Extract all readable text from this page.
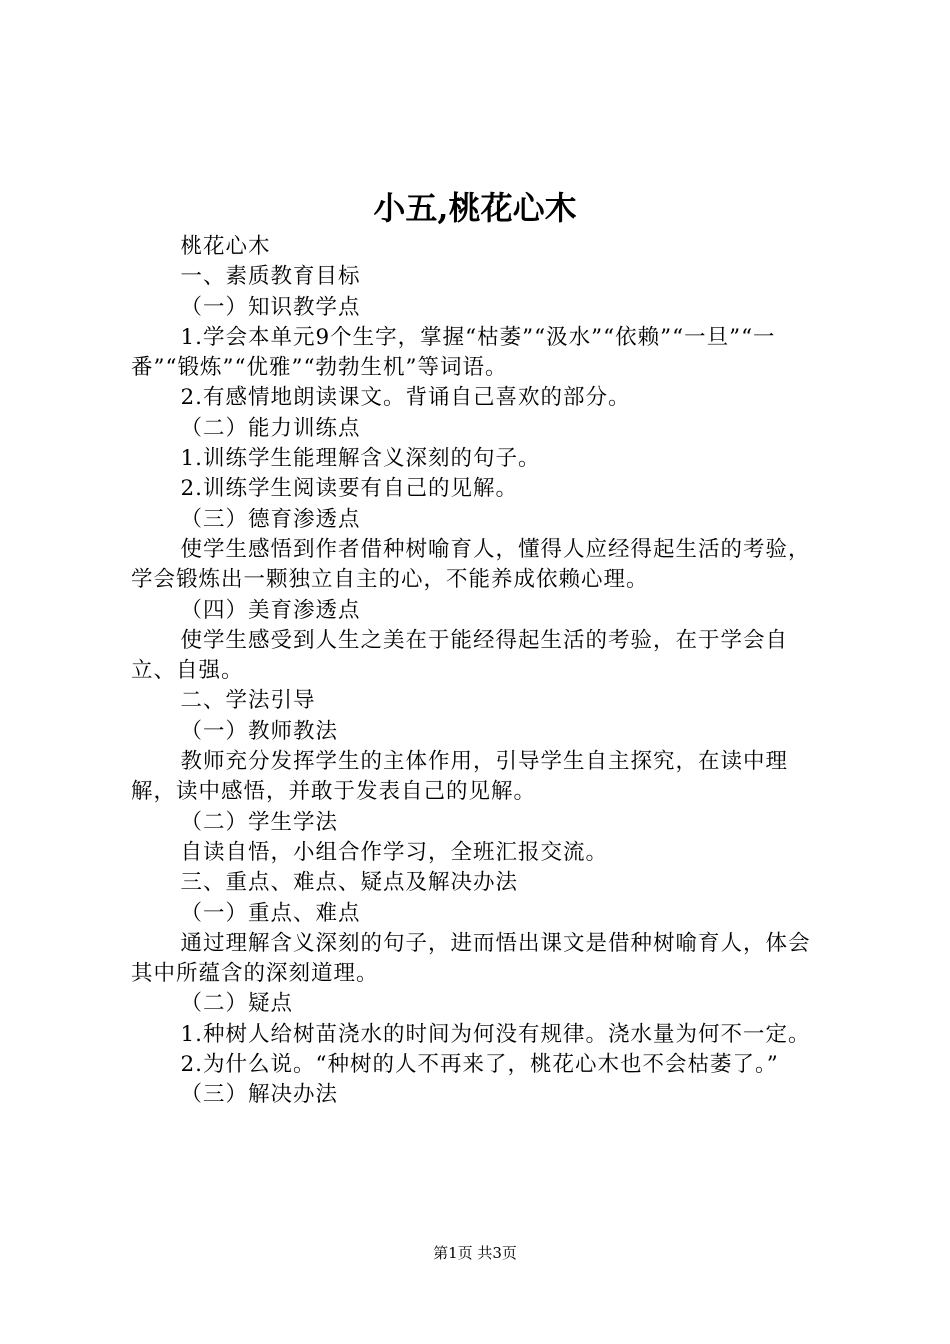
小五,桃花心木

桃花心木

一、素质教育目标

（一）知识教学点

1.学会本单元9个生字，掌握“枯萎”“汲水”“依赖”“一旦”“一番”“锻炼”“优雅”“勃勃生机”等词语。

2.有感情地朗读课文。背诵自己喜欢的部分。

（二）能力训练点

1.训练学生能理解含义深刻的句子。

2.训练学生阅读要有自己的见解。

（三）德育渗透点

使学生感悟到作者借种树喻育人，懂得人应经得起生活的考验，学会锻炼出一颗独立自主的心，不能养成依赖心理。

（四）美育渗透点

使学生感受到人生之美在于能经得起生活的考验，在于学会自立、自强。

二、学法引导

（一）教师教法

教师充分发挥学生的主体作用，引导学生自主探究，在读中理解，读中感悟，并敢于发表自己的见解。

（二）学生学法

自读自悟，小组合作学习，全班汇报交流。

三、重点、难点、疑点及解决办法

（一）重点、难点

通过理解含义深刻的句子，进而悟出课文是借种树喻育人，体会其中所蕴含的深刻道理。

（二）疑点

1.种树人给树苗浇水的时间为何没有规律。浇水量为何不一定。

2.为什么说。“种树的人不再来了，桃花心木也不会枯萎了。”

（三）解决办法

第1页 共3页
